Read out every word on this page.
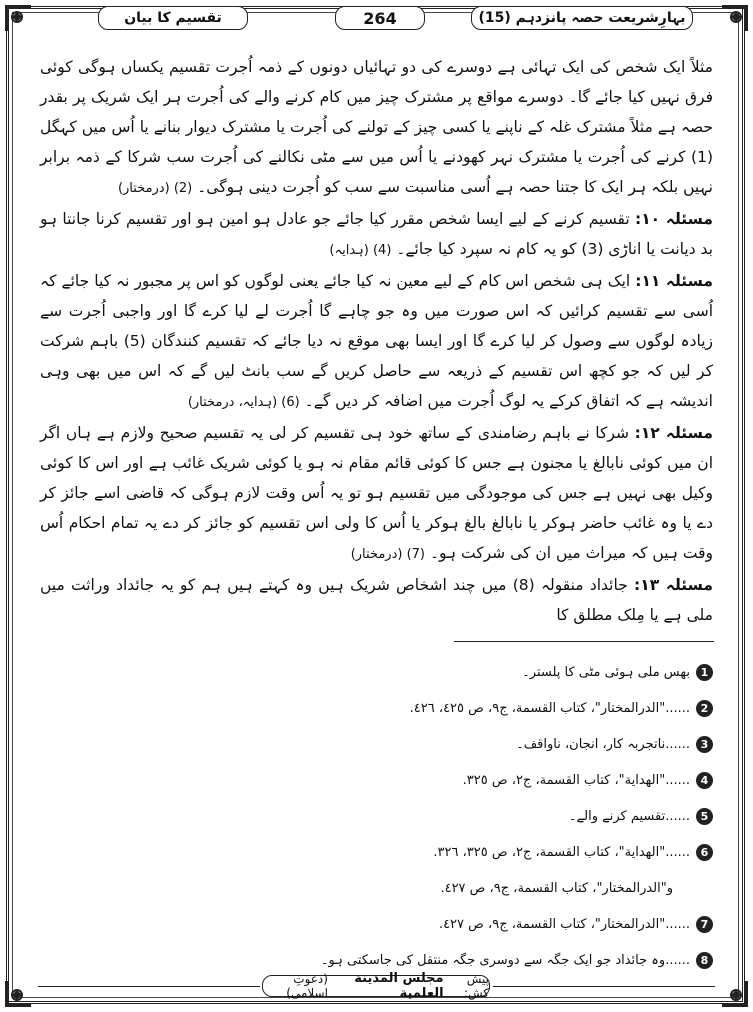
تقسیم کا بیان	264	بہارِشریعت حصہ پانزدہم (15)

مثلاً ایک شخص کی ایک تہائی ہے دوسرے کی دو تہائیاں دونوں کے ذمہ اُجرت تقسیم یکساں ہوگی کوئی فرق نہیں کیا جائے گا۔ دوسرے مواقع پر مشترک چیز میں کام کرنے والے کی اُجرت ہر ایک شریک پر بقدر حصہ ہے مثلاً مشترک غلہ کے ناپنے یا کسی چیز کے تولنے کی اُجرت یا مشترک دیوار بنانے یا اُس میں کہگل (1) کرنے کی اُجرت یا مشترک نہر کھودنے یا اُس میں سے مٹی نکالنے کی اُجرت سب شرکا کے ذمہ برابر نہیں بلکہ ہر ایک کا جتنا حصہ ہے اُسی مناسبت سے سب کو اُجرت دینی ہوگی۔ (2) (درمختار)

مسئلہ ۱۰: تقسیم کرنے کے لیے ایسا شخص مقرر کیا جائے جو عادل ہو امین ہو اور تقسیم کرنا جانتا ہو بد دیانت یا اناڑی (3) کو یہ کام نہ سپرد کیا جائے۔ (4) (ہدایہ)

مسئلہ ۱۱: ایک ہی شخص اس کام کے لیے معین نہ کیا جائے یعنی لوگوں کو اس پر مجبور نہ کیا جائے کہ اُسی سے تقسیم کرائیں کہ اس صورت میں وہ جو چاہے گا اُجرت لے لیا کرے گا اور واجبی اُجرت سے زیادہ لوگوں سے وصول کر لیا کرے گا اور ایسا بھی موقع نہ دیا جائے کہ تقسیم کنندگان (5) باہم شرکت کر لیں کہ جو کچھ اس تقسیم کے ذریعہ سے حاصل کریں گے سب بانٹ لیں گے کہ اس میں بھی وہی اندیشہ ہے کہ اتفاق کرکے یہ لوگ اُجرت میں اضافہ کر دیں گے۔ (6) (ہدایہ، درمختار)

مسئلہ ۱۲: شرکا نے باہم رضامندی کے ساتھ خود ہی تقسیم کر لی یہ تقسیم صحیح ولازم ہے ہاں اگر ان میں کوئی نابالغ یا مجنون ہے جس کا کوئی قائم مقام نہ ہو یا کوئی شریک غائب ہے اور اس کا کوئی وکیل بھی نہیں ہے جس کی موجودگی میں تقسیم ہو تو یہ اُس وقت لازم ہوگی کہ قاضی اسے جائز کر دے یا وہ غائب حاضر ہوکر یا نابالغ بالغ ہوکر یا اُس کا ولی اس تقسیم کو جائز کر دے یہ تمام احکام اُس وقت ہیں کہ میراث میں ان کی شرکت ہو۔ (7) (درمختار)

مسئلہ ۱۳: جائداد منقولہ (8) میں چند اشخاص شریک ہیں وہ کہتے ہیں ہم کو یہ جائداد وراثت میں ملی ہے یا مِلک مطلق کا

1
بھس ملی ہوئی مٹی کا پلستر۔
2
......"الدرالمختار"، كتاب القسمة، ج٩، ص ٤٢٥، ٤٢٦.
3
......ناتجربہ کار، انجان، ناواقف۔
4
......"الهداية"، كتاب القسمة، ج٢، ص ٣٢٥.
5
......تقسیم کرنے والے۔
6
......"الهداية"، كتاب القسمة، ج٢، ص ٣٢٥، ٣٢٦.
و"الدرالمختار"، كتاب القسمة، ج٩، ص ٤٢٧.
7
......"الدرالمختار"، كتاب القسمة، ج٩، ص ٤٢٧.
8
......وہ جائداد جو ایک جگہ سے دوسری جگہ منتقل کی جاسکتی ہو۔
پیش کش:
مجلس المدينة العلمية
(دعوتِ اسلامی)
